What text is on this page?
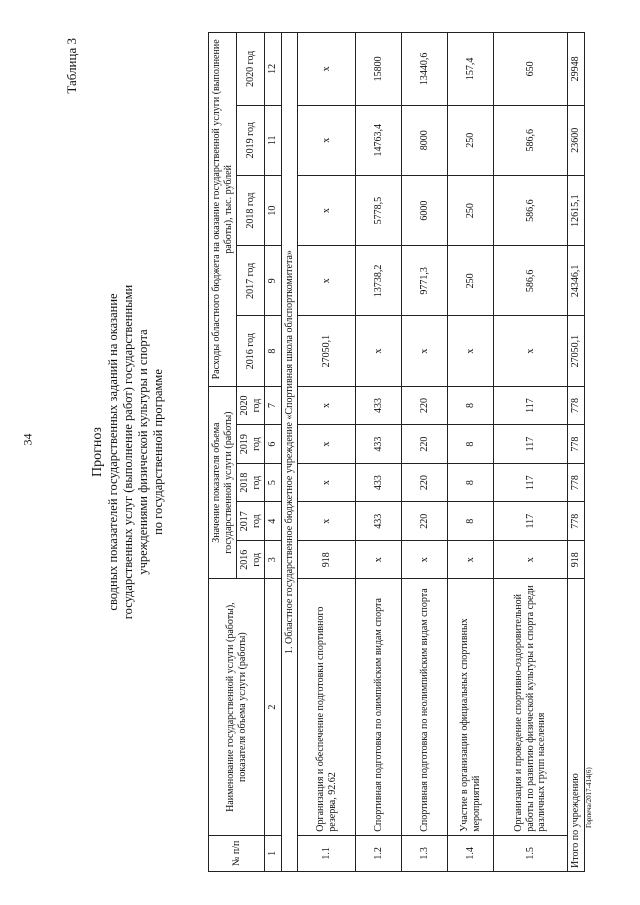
34
Горпеча/2017-414(6)
Таблица 3
Прогноз сводных показателей государственных заданий на оказание государственных услуг (выполнение работ) государственными учреждениями физической культуры и спорта по государственной программе
№ п/п	Наименование государственной услуги (работы), показателя объема услуги (работы)	Значение показателя объема государственной услуги (работы)					Расходы областного бюджета на оказание государственной услуги (выполнение работы), тыс. рублей				
		2016 год	2017 год	2018 год	2019 год	2020 год	2016 год	2017 год	2018 год	2019 год	2020 год
1	2	3	4	5	6	7	8	9	10	11	12
1. Областное государственное бюджетное учреждение «Спортивная школа облспорткомитета»											
1.1	Организация и обеспечение подготовки спортивного резерва, 92.62	918	х	х	х	х	27050,1	х	х	х	х
1.2	Спортивная подготовка по олимпийским видам спорта	х	433	433	433	433	х	13738,2	5778,5	14763,4	15800
1.3	Спортивная подготовка по неолимпийским видам спорта	х	220	220	220	220	х	9771,3	6000	8000	13440,6
1.4	Участие в организации официальных спортивных мероприятий	х	8	8	8	8	х	250	250	250	157,4
1.5	Организация и проведение спортивно-оздоровительной работы по развитию физической культуры и спорта среди различных групп населения	х	117	117	117	117	х	586,6	586,6	586,6	650
Итого по учреждению		918	778	778	778	778	27050,1	24346,1	12615,1	23600	29948
